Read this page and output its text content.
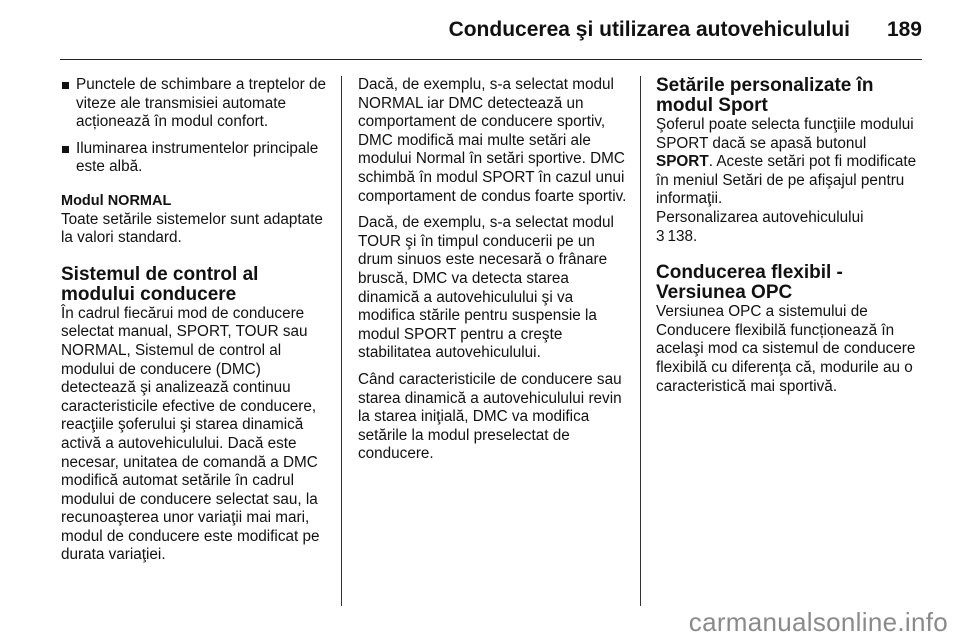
Conducerea şi utilizarea autovehiculului 189
Punctele de schimbare a treptelor de viteze ale transmisiei automate acționează în modul confort.
Iluminarea instrumentelor principale este albă.

Modul NORMAL

Toate setările sistemelor sunt adaptate la valori standard.

Sistemul de control al modului conducere

În cadrul fiecărui mod de conducere selectat manual, SPORT, TOUR sau NORMAL, Sistemul de control al modului de conducere (DMC) detectează şi analizează continuu caracteristicile efective de conducere, reacţiile şoferului şi starea dinamică activă a autovehiculului. Dacă este necesar, unitatea de comandă a DMC modifică automat setările în cadrul modului de conducere selectat sau, la recunoaşterea unor variaţii mai mari, modul de conducere este modificat pe durata variaţiei.

Dacă, de exemplu, s-a selectat modul NORMAL iar DMC detectează un comportament de conducere sportiv, DMC modifică mai multe setări ale modului Normal în setări sportive. DMC schimbă în modul SPORT în cazul unui comportament de condus foarte sportiv.

Dacă, de exemplu, s-a selectat modul TOUR şi în timpul conducerii pe un drum sinuos este necesară o frânare bruscă, DMC va detecta starea dinamică a autovehiculului şi va modifica stările pentru suspensie la modul SPORT pentru a creşte stabilitatea autovehiculului.

Când caracteristicile de conducere sau starea dinamică a autovehiculului revin la starea iniţială, DMC va modifica setările la modul preselectat de conducere.

Setările personalizate în modul Sport

Şoferul poate selecta funcţiile modului SPORT dacă se apasă butonul SPORT. Aceste setări pot fi modificate în meniul Setări de pe afişajul pentru informaţii.
Personalizarea autovehiculului
3 138.

Conducerea flexibil - Versiunea OPC

Versiunea OPC a sistemului de Conducere flexibilă funcționează în acelaşi mod ca sistemul de conducere flexibilă cu diferenţa că, modurile au o caracteristică mai sportivă.

carmanualsonline.info
